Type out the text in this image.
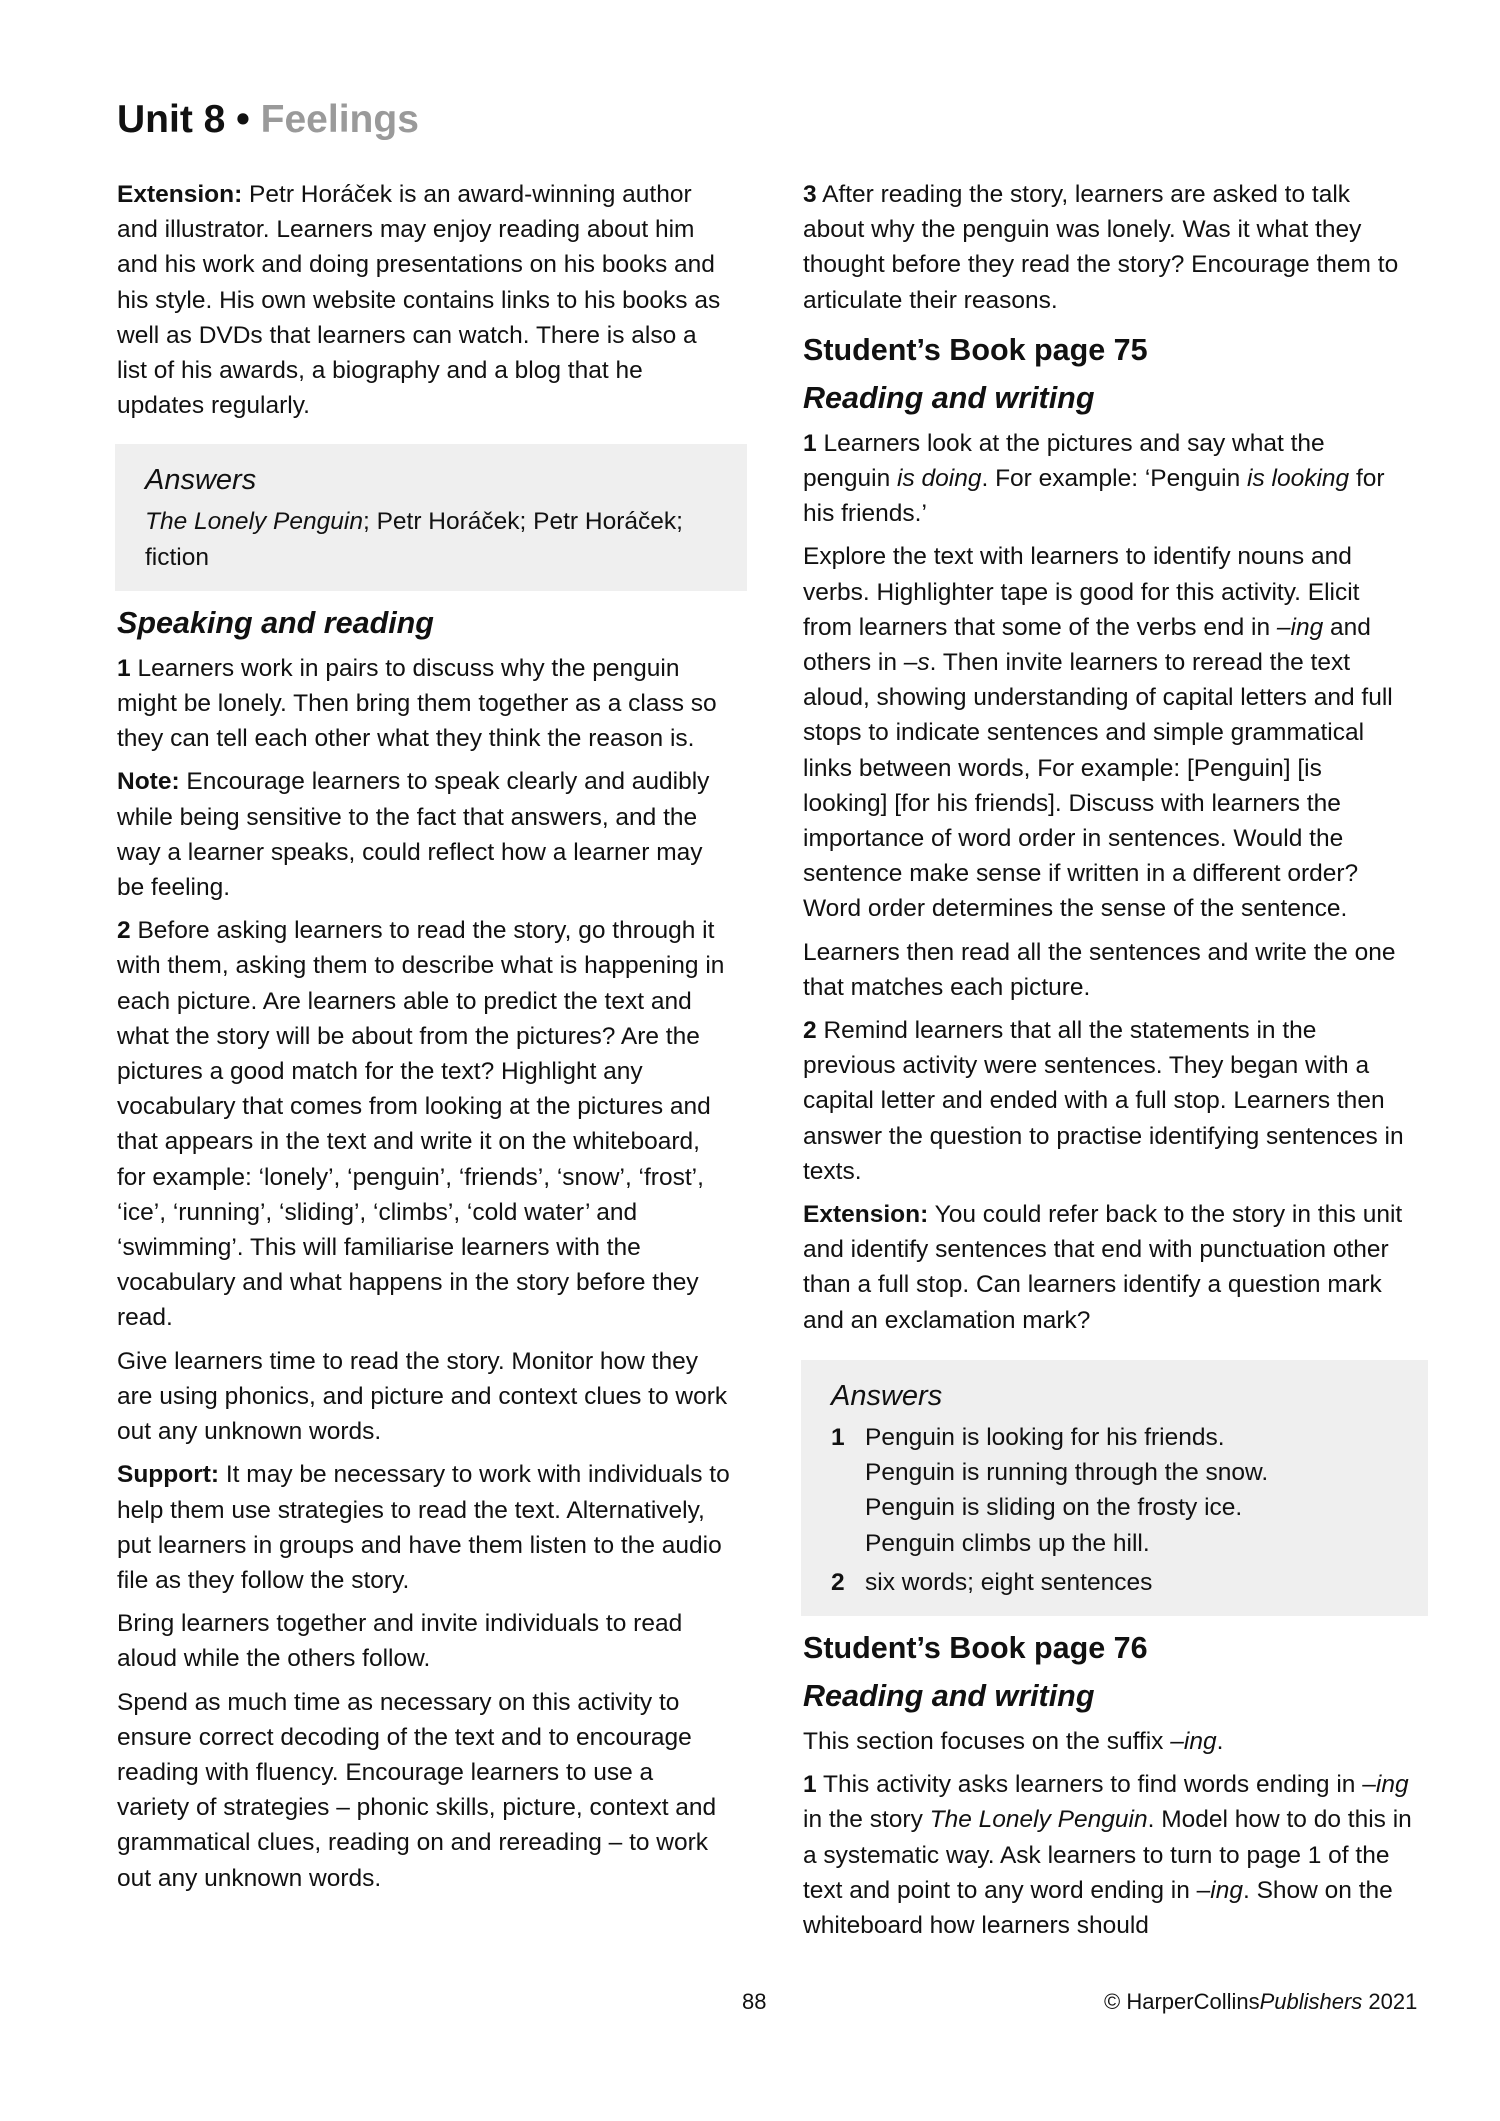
Unit 8 • Feelings

Extension: Petr Horáček is an award-winning author and illustrator. Learners may enjoy reading about him and his work and doing presentations on his books and his style. His own website contains links to his books as well as DVDs that learners can watch. There is also a list of his awards, a biography and a blog that he updates regularly.

Answers
The Lonely Penguin; Petr Horáček; Petr Horáček; fiction
Speaking and reading

1 Learners work in pairs to discuss why the penguin might be lonely. Then bring them together as a class so they can tell each other what they think the reason is.

Note: Encourage learners to speak clearly and audibly while being sensitive to the fact that answers, and the way a learner speaks, could reflect how a learner may be feeling.

2 Before asking learners to read the story, go through it with them, asking them to describe what is happening in each picture. Are learners able to predict the text and what the story will be about from the pictures? Are the pictures a good match for the text? Highlight any vocabulary that comes from looking at the pictures and that appears in the text and write it on the whiteboard, for example: ‘lonely’, ‘penguin’, ‘friends’, ‘snow’, ‘frost’, ‘ice’, ‘running’, ‘sliding’, ‘climbs’, ‘cold water’ and ‘swimming’. This will familiarise learners with the vocabulary and what happens in the story before they read.

Give learners time to read the story. Monitor how they are using phonics, and picture and context clues to work out any unknown words.

Support: It may be necessary to work with individuals to help them use strategies to read the text. Alternatively, put learners in groups and have them listen to the audio file as they follow the story.

Bring learners together and invite individuals to read aloud while the others follow.

Spend as much time as necessary on this activity to ensure correct decoding of the text and to encourage reading with fluency. Encourage learners to use a variety of strategies – phonic skills, picture, context and grammatical clues, reading on and rereading – to work out any unknown words.

3 After reading the story, learners are asked to talk about why the penguin was lonely. Was it what they thought before they read the story? Encourage them to articulate their reasons.

Student’s Book page 75
Reading and writing

1 Learners look at the pictures and say what the penguin is doing. For example: ‘Penguin is looking for his friends.’

Explore the text with learners to identify nouns and verbs. Highlighter tape is good for this activity. Elicit from learners that some of the verbs end in –ing and others in –s. Then invite learners to reread the text aloud, showing understanding of capital letters and full stops to indicate sentences and simple grammatical links between words, For example: [Penguin] [is looking] [for his friends]. Discuss with learners the importance of word order in sentences. Would the sentence make sense if written in a different order? Word order determines the sense of the sentence.

Learners then read all the sentences and write the one that matches each picture.

2 Remind learners that all the statements in the previous activity were sentences. They began with a capital letter and ended with a full stop. Learners then answer the question to practise identifying sentences in texts.

Extension: You could refer back to the story in this unit and identify sentences that end with punctuation other than a full stop. Can learners identify a question mark and an exclamation mark?

Answers
1 Penguin is looking for his friends.
Penguin is running through the snow.
Penguin is sliding on the frosty ice.
Penguin climbs up the hill.
2 six words; eight sentences
Student’s Book page 76
Reading and writing

This section focuses on the suffix –ing.

1 This activity asks learners to find words ending in –ing in the story The Lonely Penguin. Model how to do this in a systematic way. Ask learners to turn to page 1 of the text and point to any word ending in –ing. Show on the whiteboard how learners should

88	© HarperCollinsPublishers 2021
